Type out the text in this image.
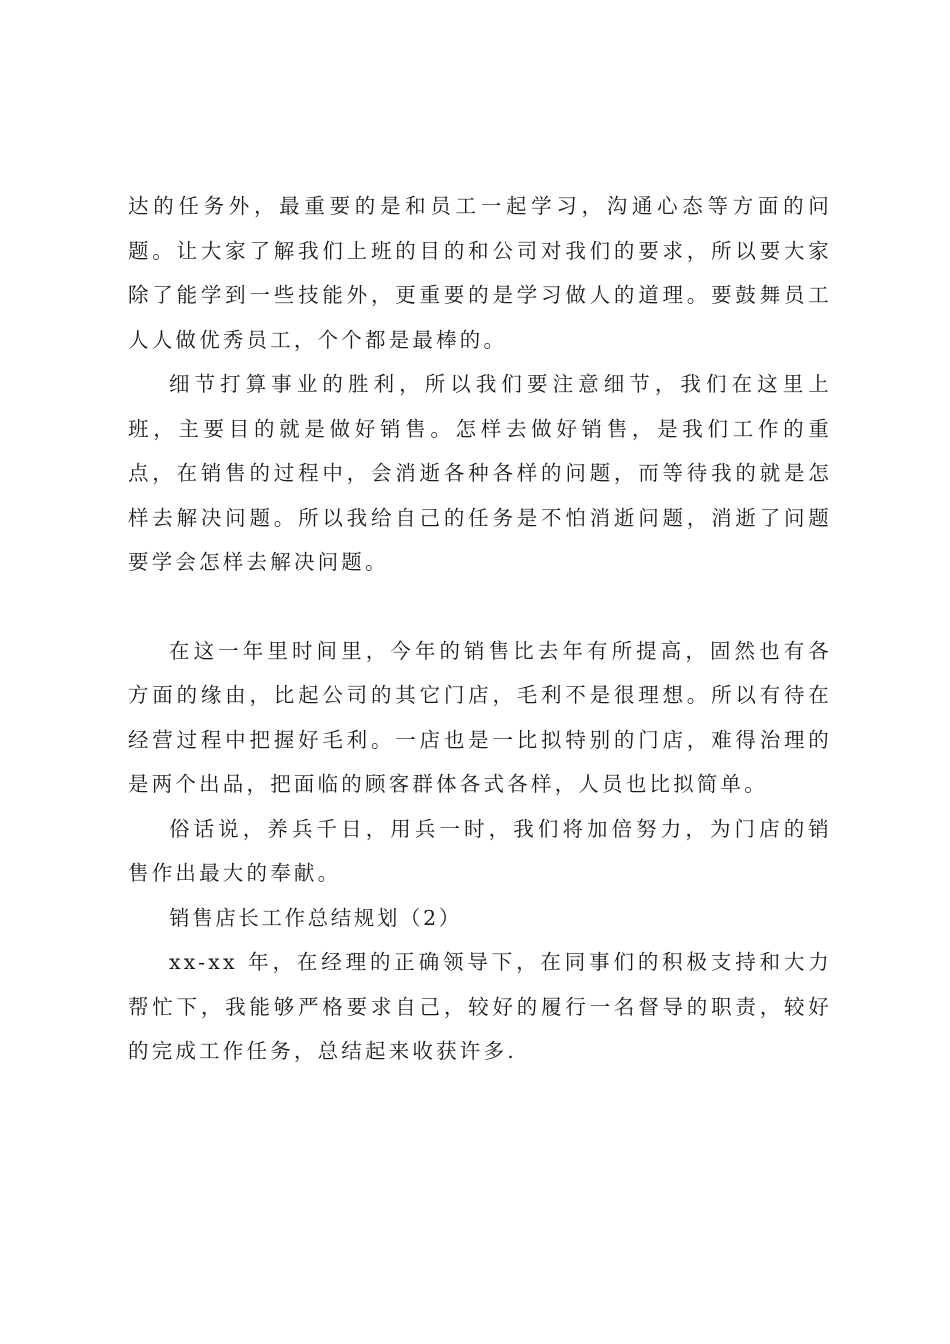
达的任务外，最重要的是和员工一起学习，沟通心态等方面的问题。让大家了解我们上班的目的和公司对我们的要求，所以要大家除了能学到一些技能外，更重要的是学习做人的道理。要鼓舞员工人人做优秀员工，个个都是最棒的。

细节打算事业的胜利，所以我们要注意细节，我们在这里上班，主要目的就是做好销售。怎样去做好销售，是我们工作的重点，在销售的过程中，会消逝各种各样的问题，而等待我的就是怎样去解决问题。所以我给自己的任务是不怕消逝问题，消逝了问题要学会怎样去解决问题。

在这一年里时间里，今年的销售比去年有所提高，固然也有各方面的缘由，比起公司的其它门店，毛利不是很理想。所以有待在经营过程中把握好毛利。一店也是一比拟特别的门店，难得治理的是两个出品，把面临的顾客群体各式各样，人员也比拟简单。

俗话说，养兵千日，用兵一时，我们将加倍努力，为门店的销售作出最大的奉献。

销售店长工作总结规划（2）

xx-xx 年，在经理的正确领导下，在同事们的积极支持和大力帮忙下，我能够严格要求自己，较好的履行一名督导的职责，较好的完成工作任务，总结起来收获许多.
